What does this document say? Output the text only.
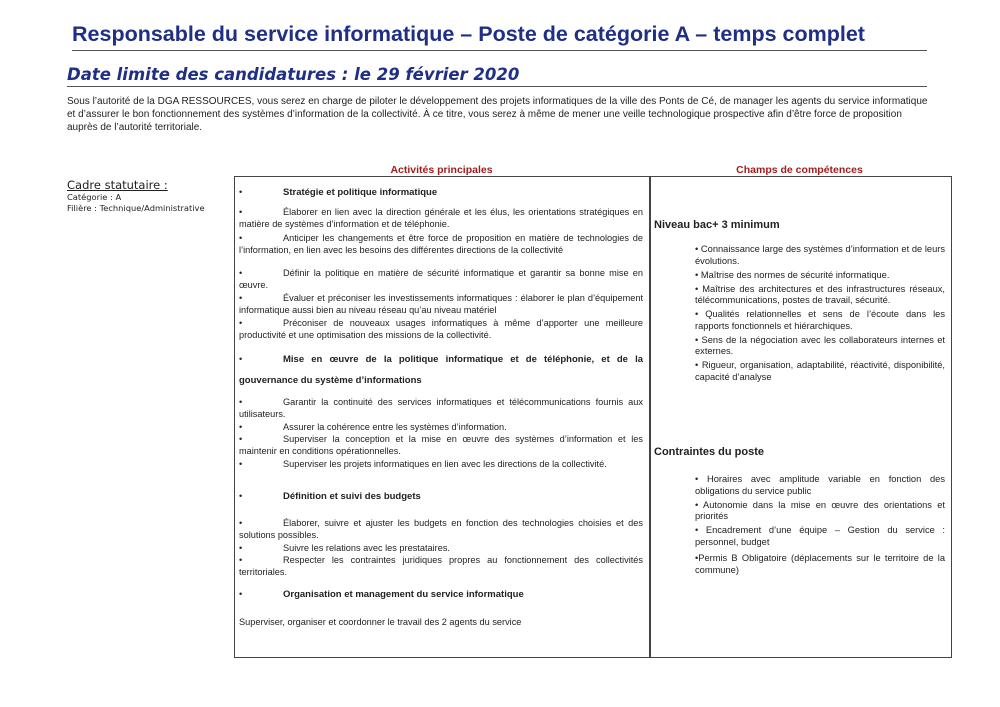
Responsable du service informatique – Poste de catégorie A – temps complet
Date limite des candidatures : le 29 février 2020
Sous l’autorité de la DGA RESSOURCES, vous serez en charge de piloter le développement des projets informatiques de la ville des Ponts de Cé, de manager les agents du service informatique et d’assurer le bon fonctionnement des systèmes d’information de la collectivité. À ce titre, vous serez à même de mener une veille technologique prospective afin d’être force de proposition auprès de l’autorité territoriale.
Activités principales	Champs de compétences
Cadre statutaire :
Catégorie : A
Filière : Technique/Administrative
•	Stratégie et politique informatique
•	Élaborer en lien avec la direction générale et les élus, les orientations stratégiques en matière de systèmes d’information et de téléphonie.
•	Anticiper les changements et être force de proposition en matière de technologies de l’information, en lien avec les besoins des différentes directions de la collectivité
•	Définir la politique en matière de sécurité informatique et garantir sa bonne mise en œuvre.
•	Évaluer et préconiser les investissements informatiques : élaborer le plan d’équipement informatique aussi bien au niveau réseau qu’au niveau matériel
•	Préconiser de nouveaux usages informatiques à même d’apporter une meilleure productivité et une optimisation des missions de la collectivité.
•	Mise en œuvre de la politique informatique et de téléphonie, et de la gouvernance du système d’informations
•	Garantir la continuité des services informatiques et télécommunications fournis aux utilisateurs.
•	Assurer la cohérence entre les systèmes d’information.
•	Superviser la conception et la mise en œuvre des systèmes d’information et les maintenir en conditions opérationnelles.
•	Superviser les projets informatiques en lien avec les directions de la collectivité.
•	Définition et suivi des budgets
•	Élaborer, suivre et ajuster les budgets en fonction des technologies choisies et des solutions possibles.
•	Suivre les relations avec les prestataires.
•	Respecter les contraintes juridiques propres au fonctionnement des collectivités territoriales.
•	Organisation et management du service informatique
Superviser, organiser et coordonner le travail des 2 agents du service
Niveau bac+ 3 minimum

• Connaissance large des systèmes d’information et de leurs évolutions.

• Maîtrise des normes de sécurité informatique.

• Maîtrise des architectures et des infrastructures réseaux, télécommunications, postes de travail, sécurité.

• Qualités relationnelles et sens de l’écoute dans les rapports fonctionnels et hiérarchiques.

• Sens de la négociation avec les collaborateurs internes et externes.

• Rigueur, organisation, adaptabilité, réactivité, disponibilité, capacité d’analyse

Contraintes du poste

• Horaires avec amplitude variable en fonction des obligations du service public

• Autonomie dans la mise en œuvre des orientations et priorités

• Encadrement d’une équipe – Gestion du service : personnel, budget

•Permis B Obligatoire (déplacements sur le territoire de la commune)
